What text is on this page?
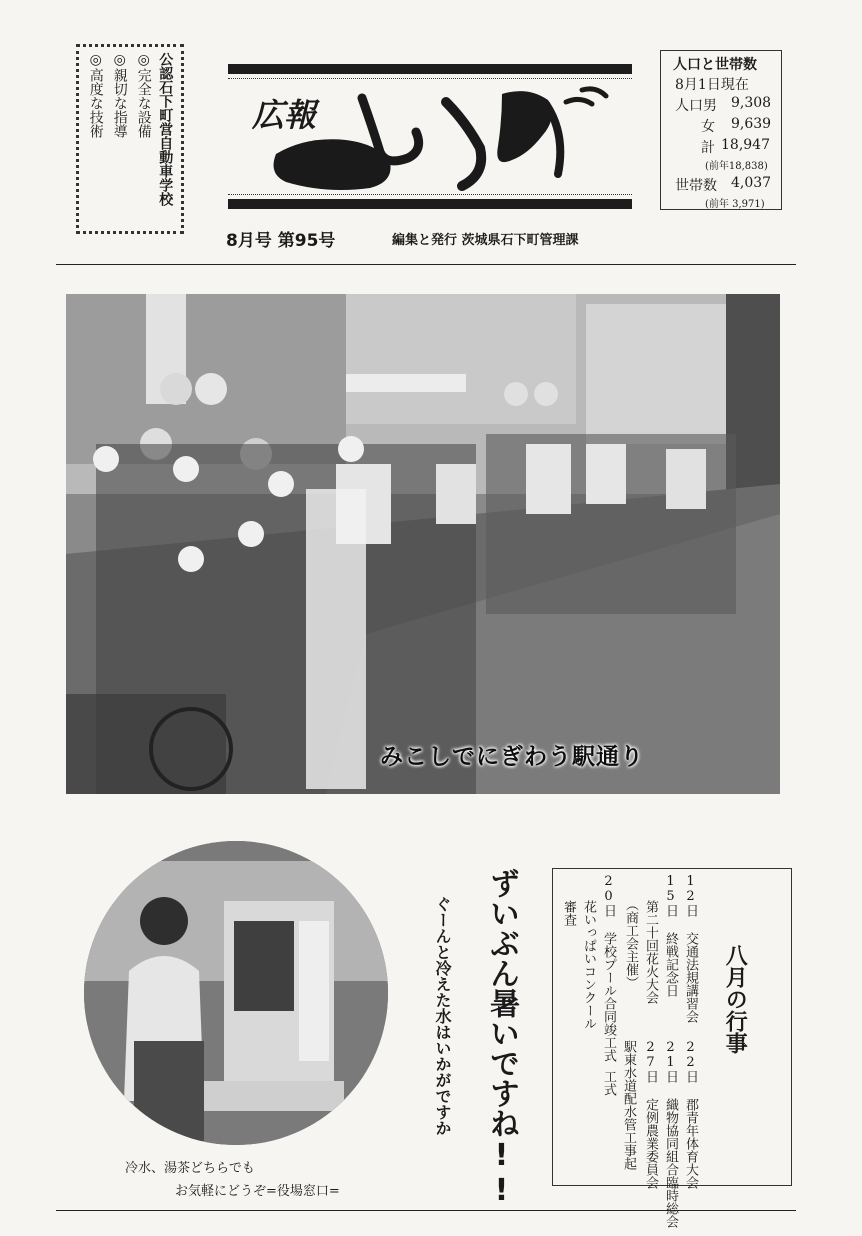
公認石下町営自動車学校
◎完全な設備
◎親切な指導
◎高度な技術	いしげ
広報
8月号 第95号	編集と発行 茨城県石下町管理課
人口と世帯数
8月1日現在
人口男 9,308
女 9,639
計 18,947
(前年18,838)
世帯数 4,037
(前年 3,971)
みこしでにぎわう駅通り
冷水、湯茶どちらでも
お気軽にどうぞ=役場窓口=	ずいぶん暑いですね!!
ぐーんと冷えた水はいかがですか	八月の行事
12日 交通法規講習会
15日 終戦記念日
第二十回花火大会
（商工会主催）
20日 学校プール合同竣工式
花いっぱいコンクール
審査
22日 郡青年体育大会
21日 織物協同組合臨時総会
27日 定例農業委員会
駅東水道配水管工事起
工式
